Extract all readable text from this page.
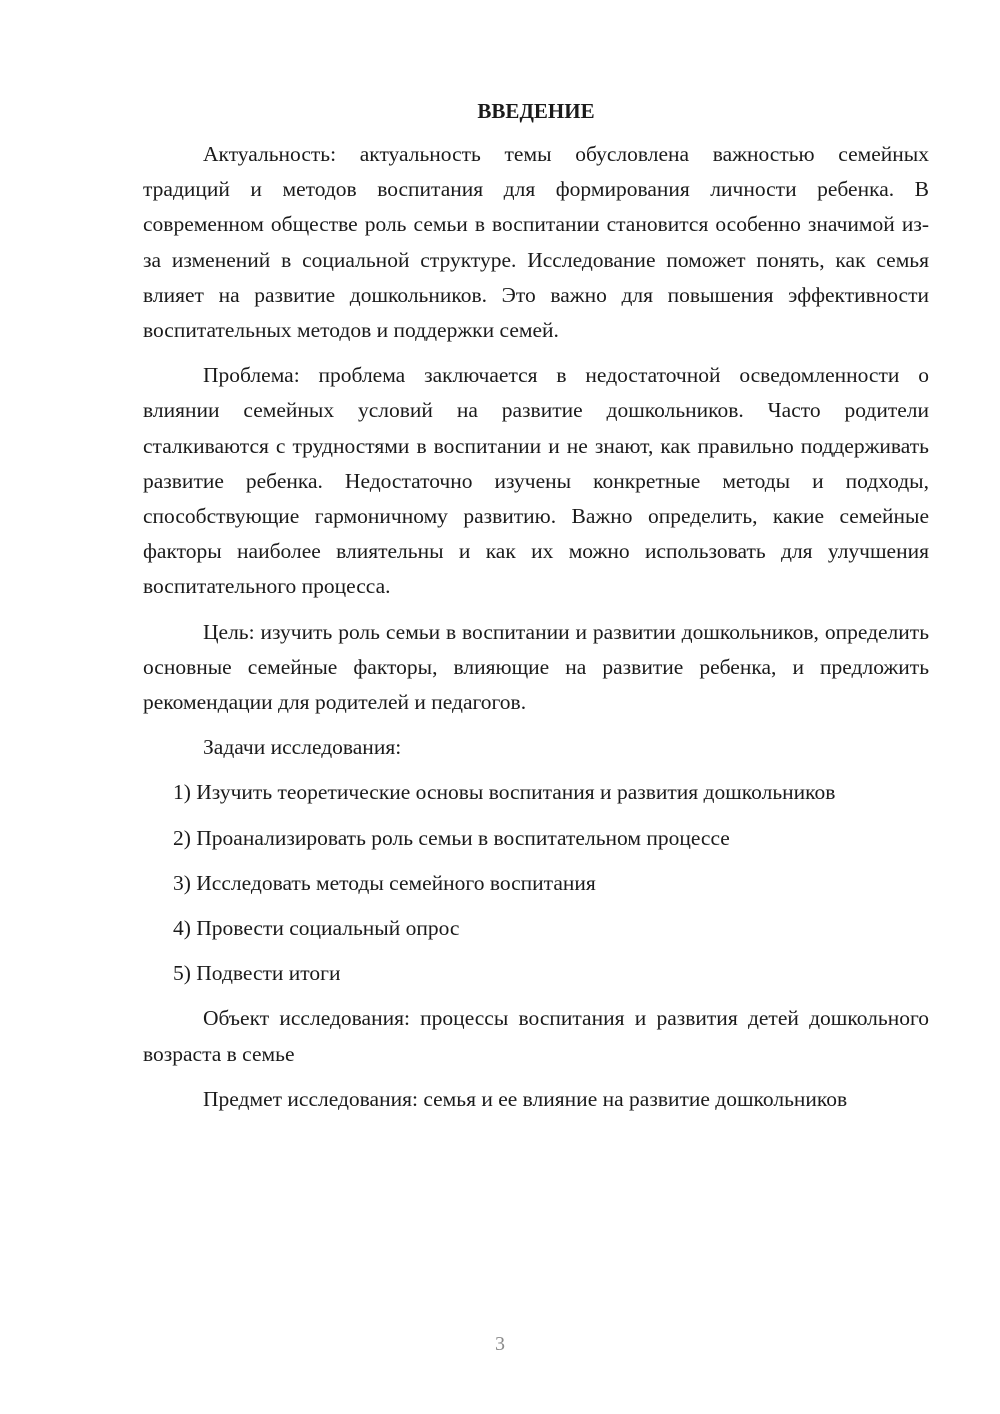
ВВЕДЕНИЕ

Актуальность: актуальность темы обусловлена важностью семейных традиций и методов воспитания для формирования личности ребенка. В современном обществе роль семьи в воспитании становится особенно значимой из-за изменений в социальной структуре. Исследование поможет понять, как семья влияет на развитие дошкольников. Это важно для повышения эффективности воспитательных методов и поддержки семей.

Проблема: проблема заключается в недостаточной осведомленности о влиянии семейных условий на развитие дошкольников. Часто родители сталкиваются с трудностями в воспитании и не знают, как правильно поддерживать развитие ребенка. Недостаточно изучены конкретные методы и подходы, способствующие гармоничному развитию. Важно определить, какие семейные факторы наиболее влиятельны и как их можно использовать для улучшения воспитательного процесса.

Цель: изучить роль семьи в воспитании и развитии дошкольников, определить основные семейные факторы, влияющие на развитие ребенка, и предложить рекомендации для родителей и педагогов.

Задачи исследования:

1) Изучить теоретические основы воспитания и развития дошкольников

2) Проанализировать роль семьи в воспитательном процессе

3) Исследовать методы семейного воспитания

4) Провести социальный опрос

5) Подвести итоги

Объект исследования: процессы воспитания и развития детей дошкольного возраста в семье

Предмет исследования: семья и ее влияние на развитие дошкольников

3
